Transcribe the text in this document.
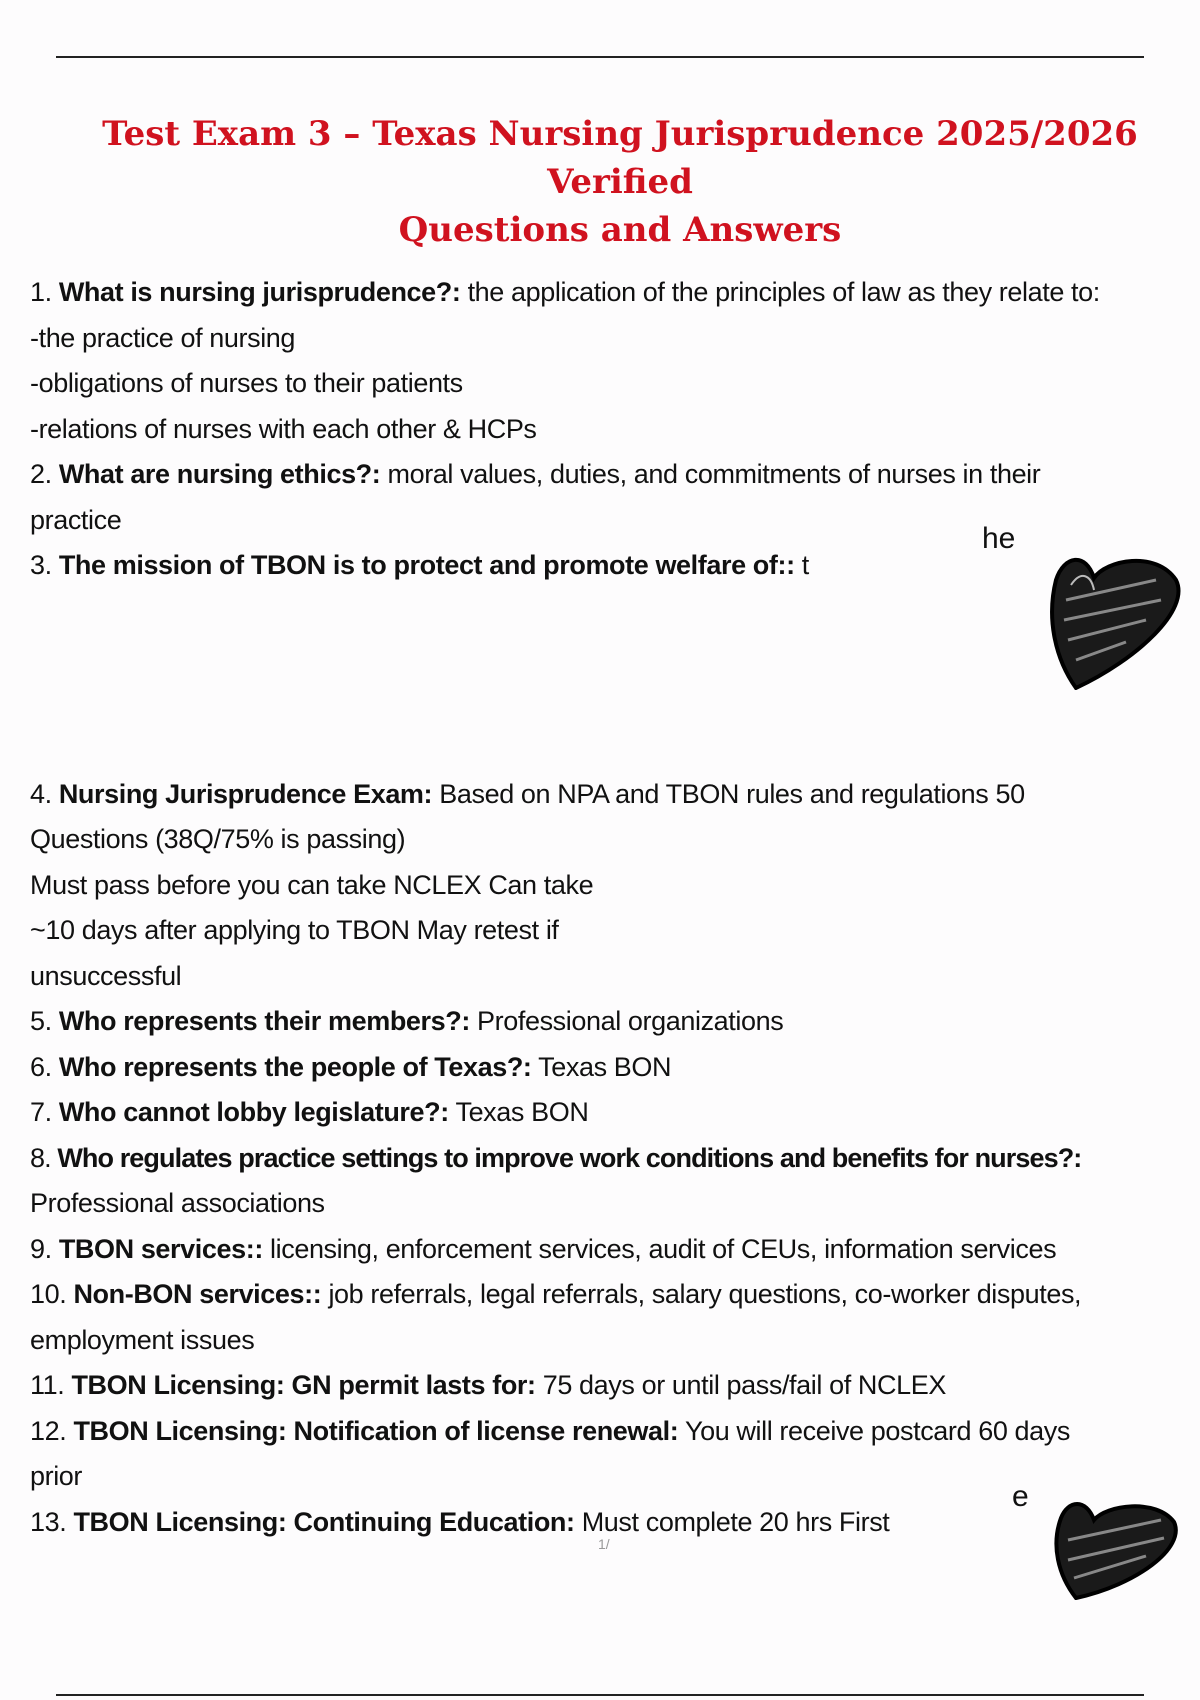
Test Exam 3 – Texas Nursing Jurisprudence 2025/2026 Verified
Questions and Answers
1. What is nursing jurisprudence?: the application of the principles of law as they relate to:
-the practice of nursing
-obligations of nurses to their patients
-relations of nurses with each other & HCPs
2. What are nursing ethics?: moral values, duties, and commitments of nurses in their
practice
3. The mission of TBON is to protect and promote welfare of:: t
4. Nursing Jurisprudence Exam: Based on NPA and TBON rules and regulations 50
Questions (38Q/75% is passing)
Must pass before you can take NCLEX Can take
~10 days after applying to TBON May retest if
unsuccessful
5. Who represents their members?: Professional organizations
6. Who represents the people of Texas?: Texas BON
7. Who cannot lobby legislature?: Texas BON
8. Who regulates practice settings to improve work conditions and benefits for nurses?:
Professional associations
9. TBON services:: licensing, enforcement services, audit of CEUs, information services
10. Non-BON services:: job referrals, legal referrals, salary questions, co-worker disputes,
employment issues
11. TBON Licensing: GN permit lasts for: 75 days or until pass/fail of NCLEX
12. TBON Licensing: Notification of license renewal: You will receive postcard 60 days
prior
13. TBON Licensing: Continuing Education: Must complete 20 hrs First
he
e
1/
